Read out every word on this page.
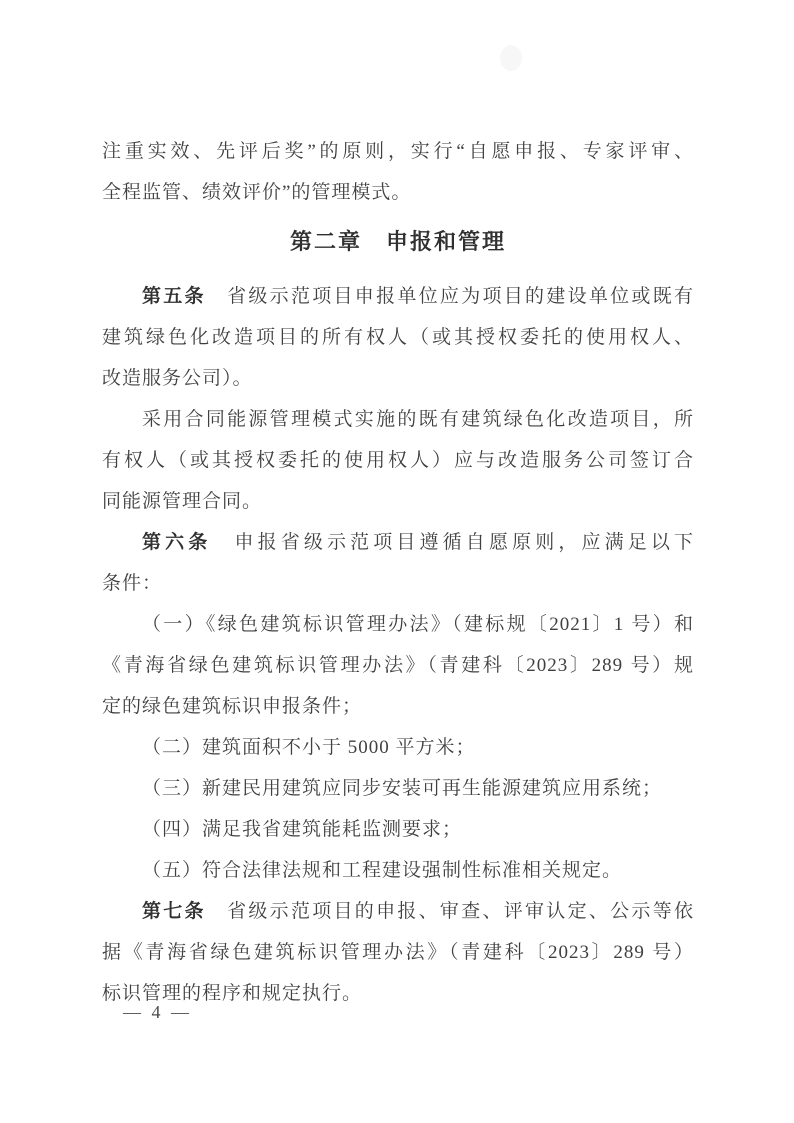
注重实效、先评后奖”的原则，实行“自愿申报、专家评审、
全程监管、绩效评价”的管理模式。
第二章　申报和管理
第五条　省级示范项目申报单位应为项目的建设单位或既有
建筑绿色化改造项目的所有权人（或其授权委托的使用权人、
改造服务公司）。
采用合同能源管理模式实施的既有建筑绿色化改造项目，所
有权人（或其授权委托的使用权人）应与改造服务公司签订合
同能源管理合同。
第六条　申报省级示范项目遵循自愿原则，应满足以下
条件：
（一）《绿色建筑标识管理办法》（建标规〔2021〕1 号）和
《青海省绿色建筑标识管理办法》（青建科〔2023〕289 号）规
定的绿色建筑标识申报条件；
（二）建筑面积不小于 5000 平方米；
（三）新建民用建筑应同步安装可再生能源建筑应用系统；
（四）满足我省建筑能耗监测要求；
（五）符合法律法规和工程建设强制性标准相关规定。
第七条　省级示范项目的申报、审查、评审认定、公示等依
据《青海省绿色建筑标识管理办法》（青建科〔2023〕289 号）
标识管理的程序和规定执行。
— 4 —
